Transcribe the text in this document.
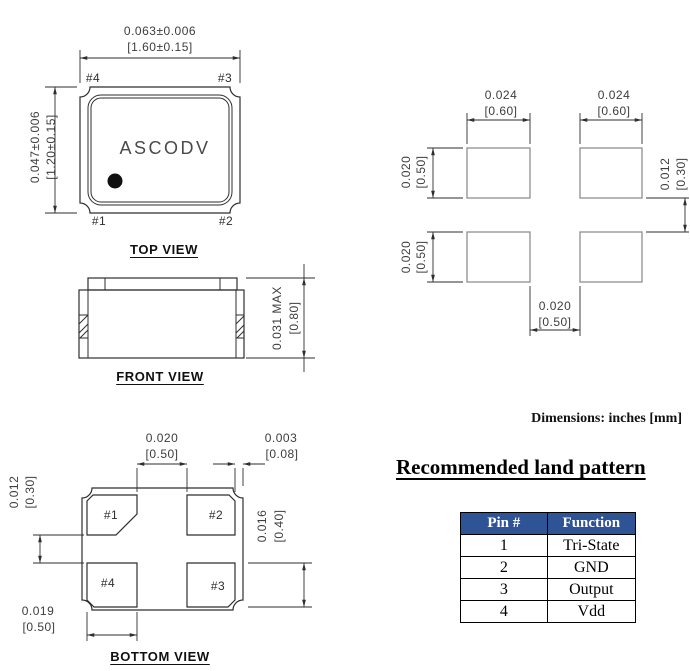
0.063±0.006
[1.60±0.15]
0.047±0.006 [1.20±0.15]
#4	#3
#1	#2
ASCODV
TOP VIEW
0.031 MAX [0.80]
FRONT VIEW
0.020
[0.50]
0.003
[0.08]
0.012 [0.30]
0.016 [0.40]
0.019
[0.50]
#1	#2
#4	#3
BOTTOM VIEW
0.024
[0.60]
0.024
[0.60]
0.020 [0.50]
0.020 [0.50]
0.012 [0.30]
0.020
[0.50]
Dimensions: inches [mm]
Recommended land pattern
Pin #	Function
1	Tri-State
2	GND
3	Output
4	Vdd
